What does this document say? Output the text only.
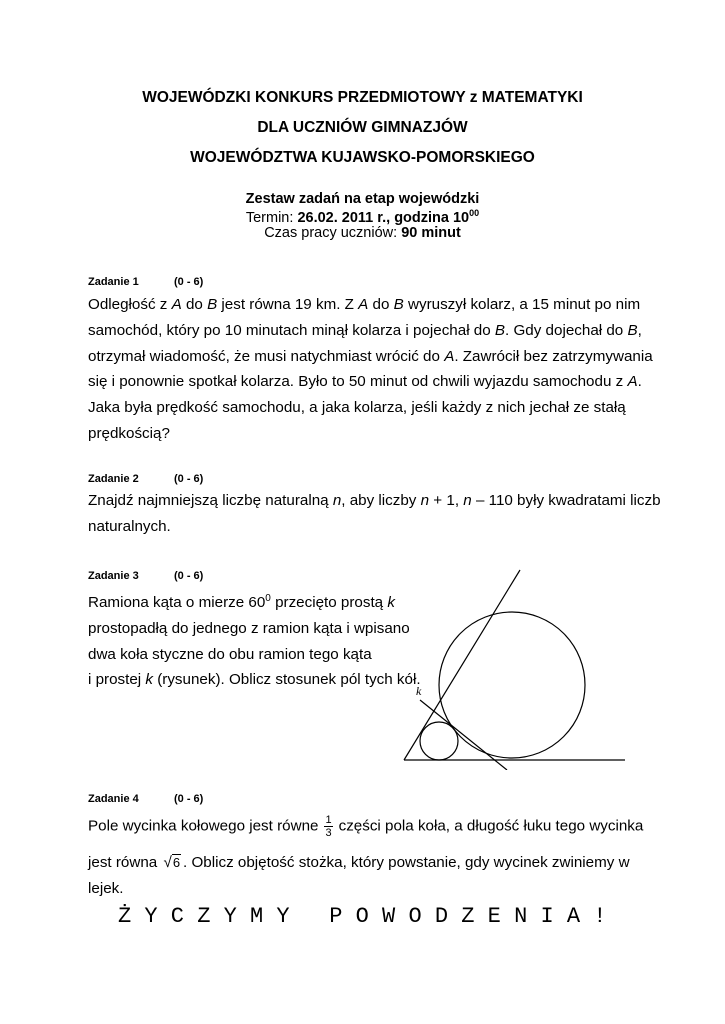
WOJEWÓDZKI KONKURS PRZEDMIOTOWY z MATEMATYKI
DLA UCZNIÓW GIMNAZJÓW
WOJEWÓDZTWA KUJAWSKO-POMORSKIEGO
Zestaw zadań na etap wojewódzki
Termin: 26.02. 2011 r., godzina $10^{00}$
Czas pracy uczniów: 90 minut
Zadanie 1	(0 - 6)
Odległość z A do B jest równa 19 km. Z A do B wyruszył kolarz, a 15 minut po nim
samochód, który po 10 minutach minął kolarza i pojechał do B. Gdy dojechał do B,
otrzymał wiadomość, że musi natychmiast wrócić do A. Zawrócił bez zatrzymywania
się i ponownie spotkał kolarza. Było to 50 minut od chwili wyjazdu samochodu z A.
Jaka była prędkość samochodu, a jaka kolarza, jeśli każdy z nich jechał ze stałą
prędkością?
Zadanie 2	(0 - 6)
Znajdź najmniejszą liczbę naturalną n, aby liczby n + 1, n – 110 były kwadratami liczb
naturalnych.
Zadanie 3	(0 - 6)
Ramiona kąta o mierze $60^0$ przecięto prostą k
prostopadłą do jednego z ramion kąta i wpisano
dwa koła styczne do obu ramion tego kąta
i prostej k (rysunek). Oblicz stosunek pól tych kół.
k
Zadanie 4	(0 - 6)
Pole wycinka kołowego jest równe $\frac{1}{3}$ części pola koła, a długość łuku tego wycinka
jest równa √6 . Oblicz objętość stożka, który powstanie, gdy wycinek zwiniemy w
lejek.
Ż Y C Z Y M Y   P O W O D Z E N I A !
